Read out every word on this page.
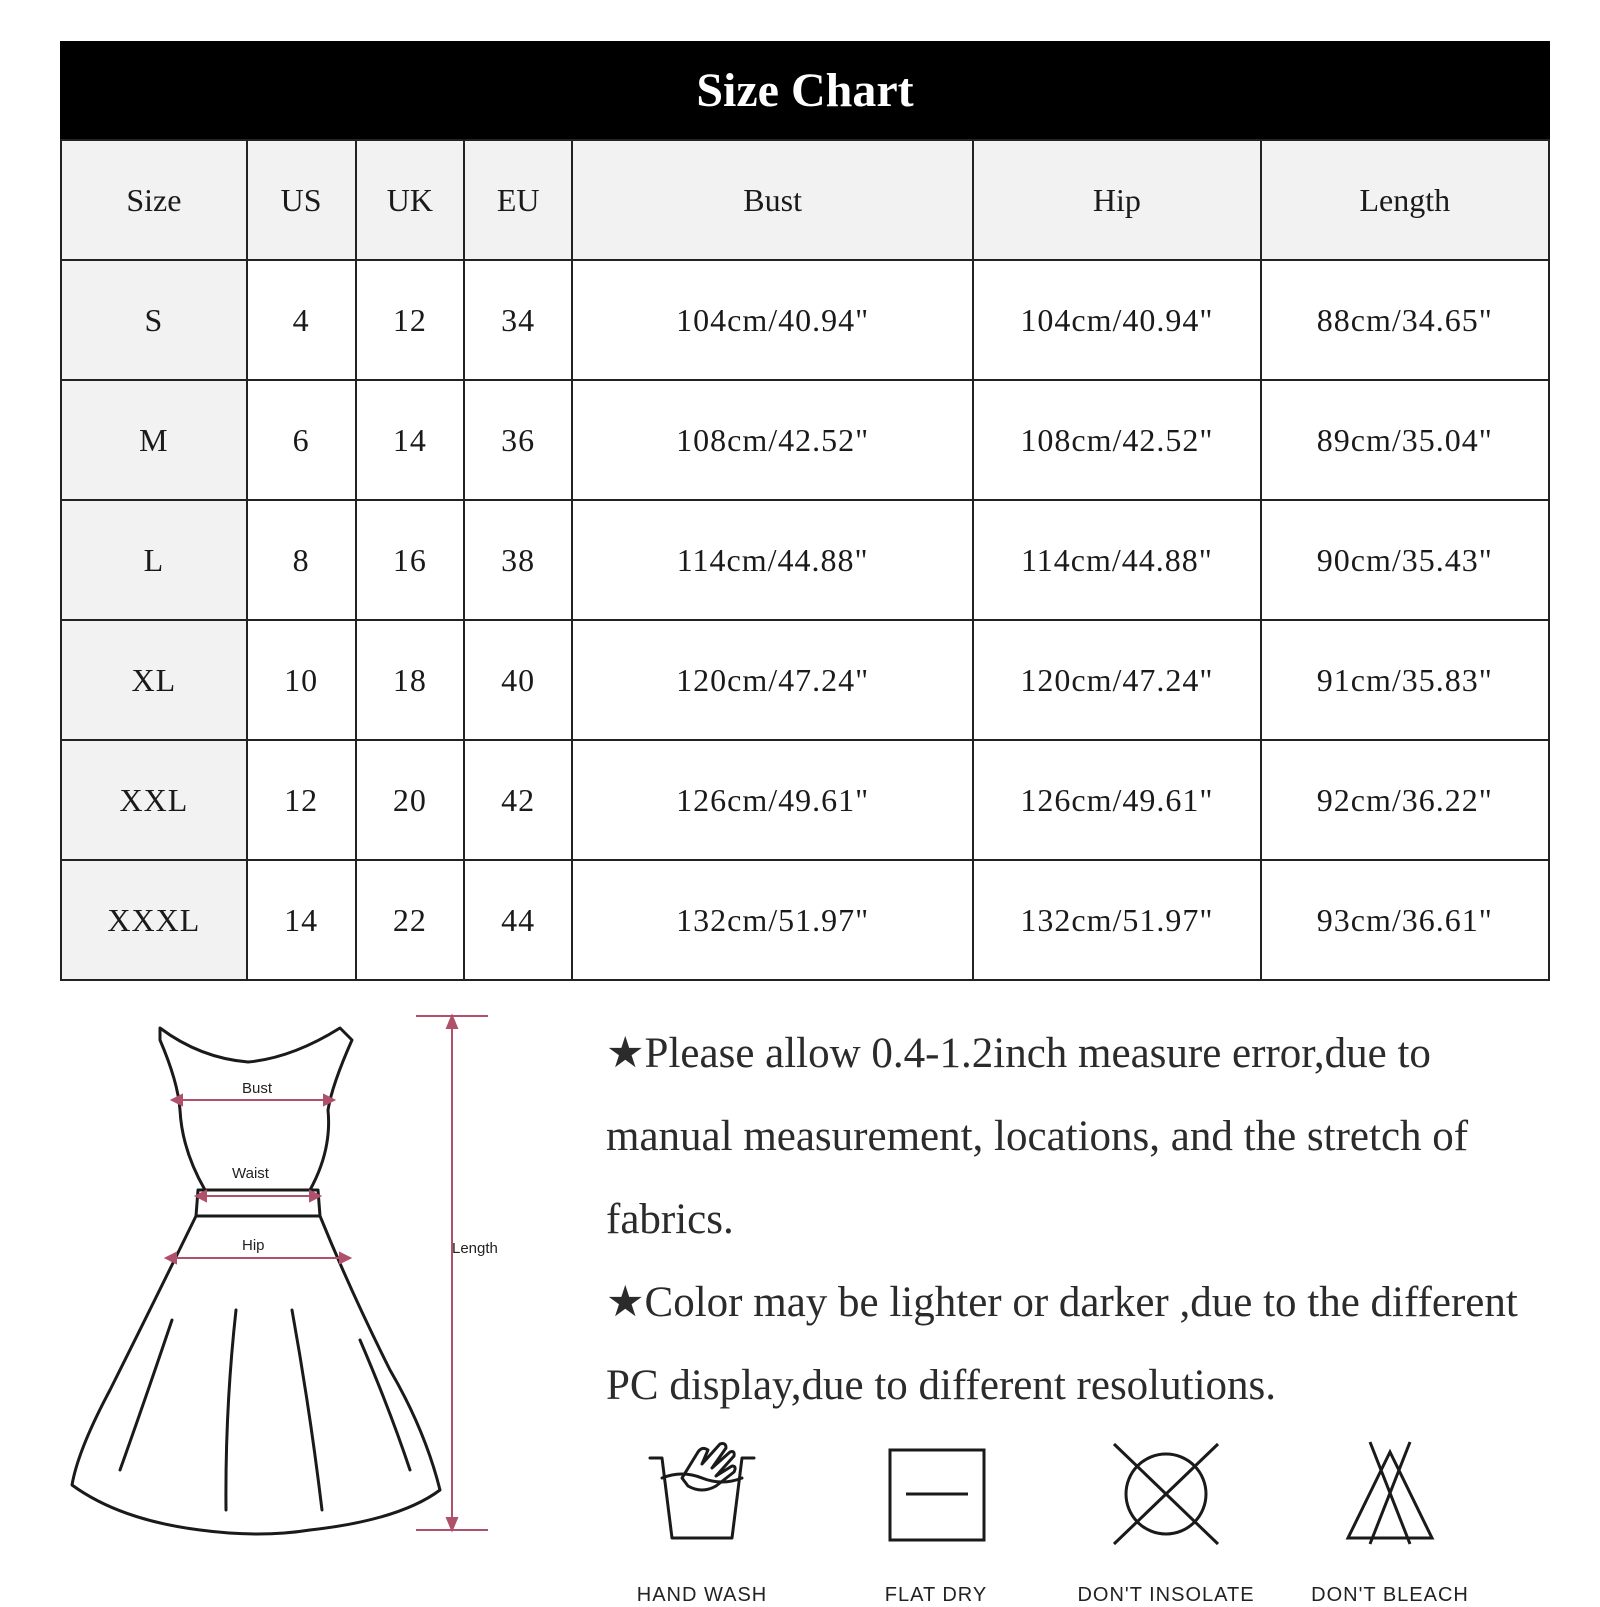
Size Chart
Size	US	UK	EU	Bust	Hip	Length
S	4	12	34	104cm/40.94"	104cm/40.94"	88cm/34.65"
M	6	14	36	108cm/42.52"	108cm/42.52"	89cm/35.04"
L	8	16	38	114cm/44.88"	114cm/44.88"	90cm/35.43"
XL	10	18	40	120cm/47.24"	120cm/47.24"	91cm/35.83"
XXL	12	20	42	126cm/49.61"	126cm/49.61"	92cm/36.22"
XXXL	14	22	44	132cm/51.97"	132cm/51.97"	93cm/36.61"
Bust
Waist
Hip	Length

★Please allow 0.4-1.2inch measure error,due to manual measurement, locations, and the stretch of fabrics.

★Color may be lighter or darker ,due to the different PC display,due to different resolutions.

HAND WASH	FLAT DRY	DON'T INSOLATE	DON'T BLEACH
